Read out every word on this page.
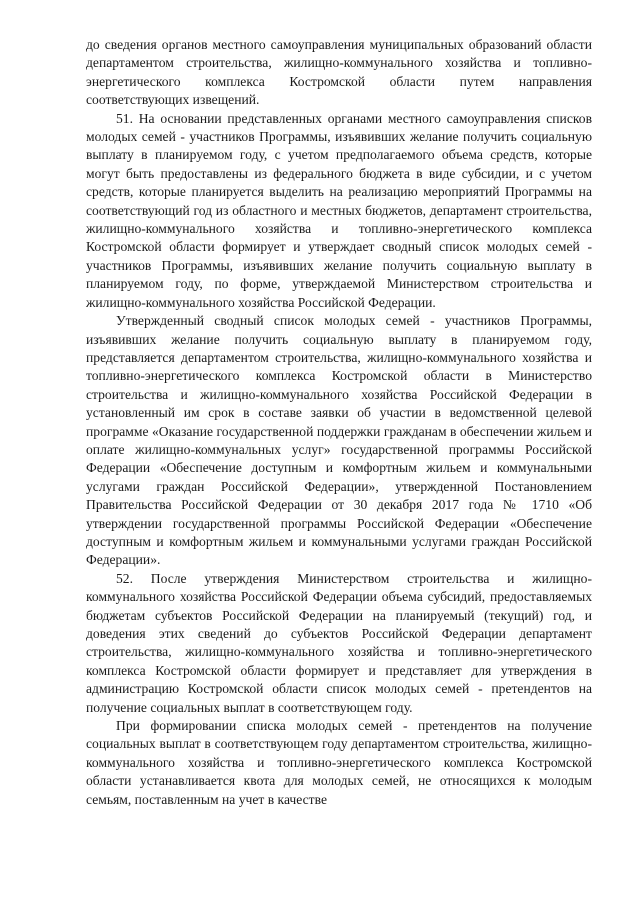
до сведения органов местного самоуправления муниципальных образований области департаментом строительства, жилищно-коммунального хозяйства и топливно-энергетического комплекса Костромской области путем направления соответствующих извещений.

51. На основании представленных органами местного самоуправления списков молодых семей - участников Программы, изъявивших желание получить социальную выплату в планируемом году, с учетом предполагаемого объема средств, которые могут быть предоставлены из федерального бюджета в виде субсидии, и с учетом средств, которые планируется выделить на реализацию мероприятий Программы на соответствующий год из областного и местных бюджетов, департамент строительства, жилищно-коммунального хозяйства и топливно-энергетического комплекса Костромской области формирует и утверждает сводный список молодых семей - участников Программы, изъявивших желание получить социальную выплату в планируемом году, по форме, утверждаемой Министерством строительства и жилищно-коммунального хозяйства Российской Федерации.

Утвержденный сводный список молодых семей - участников Программы, изъявивших желание получить социальную выплату в планируемом году, представляется департаментом строительства, жилищно-коммунального хозяйства и топливно-энергетического комплекса Костромской области в Министерство строительства и жилищно-коммунального хозяйства Российской Федерации в установленный им срок в составе заявки об участии в ведомственной целевой программе «Оказание государственной поддержки гражданам в обеспечении жильем и оплате жилищно-коммунальных услуг» государственной программы Российской Федерации «Обеспечение доступным и комфортным жильем и коммунальными услугами граждан Российской Федерации», утвержденной Постановлением Правительства Российской Федерации от 30 декабря 2017 года № 1710 «Об утверждении государственной программы Российской Федерации «Обеспечение доступным и комфортным жильем и коммунальными услугами граждан Российской Федерации».

52. После утверждения Министерством строительства и жилищно-коммунального хозяйства Российской Федерации объема субсидий, предоставляемых бюджетам субъектов Российской Федерации на планируемый (текущий) год, и доведения этих сведений до субъектов Российской Федерации департамент строительства, жилищно-коммунального хозяйства и топливно-энергетического комплекса Костромской области формирует и представляет для утверждения в администрацию Костромской области список молодых семей - претендентов на получение социальных выплат в соответствующем году.

При формировании списка молодых семей - претендентов на получение социальных выплат в соответствующем году департаментом строительства, жилищно-коммунального хозяйства и топливно-энергетического комплекса Костромской области устанавливается квота для молодых семей, не относящихся к молодым семьям, поставленным на учет в качестве
